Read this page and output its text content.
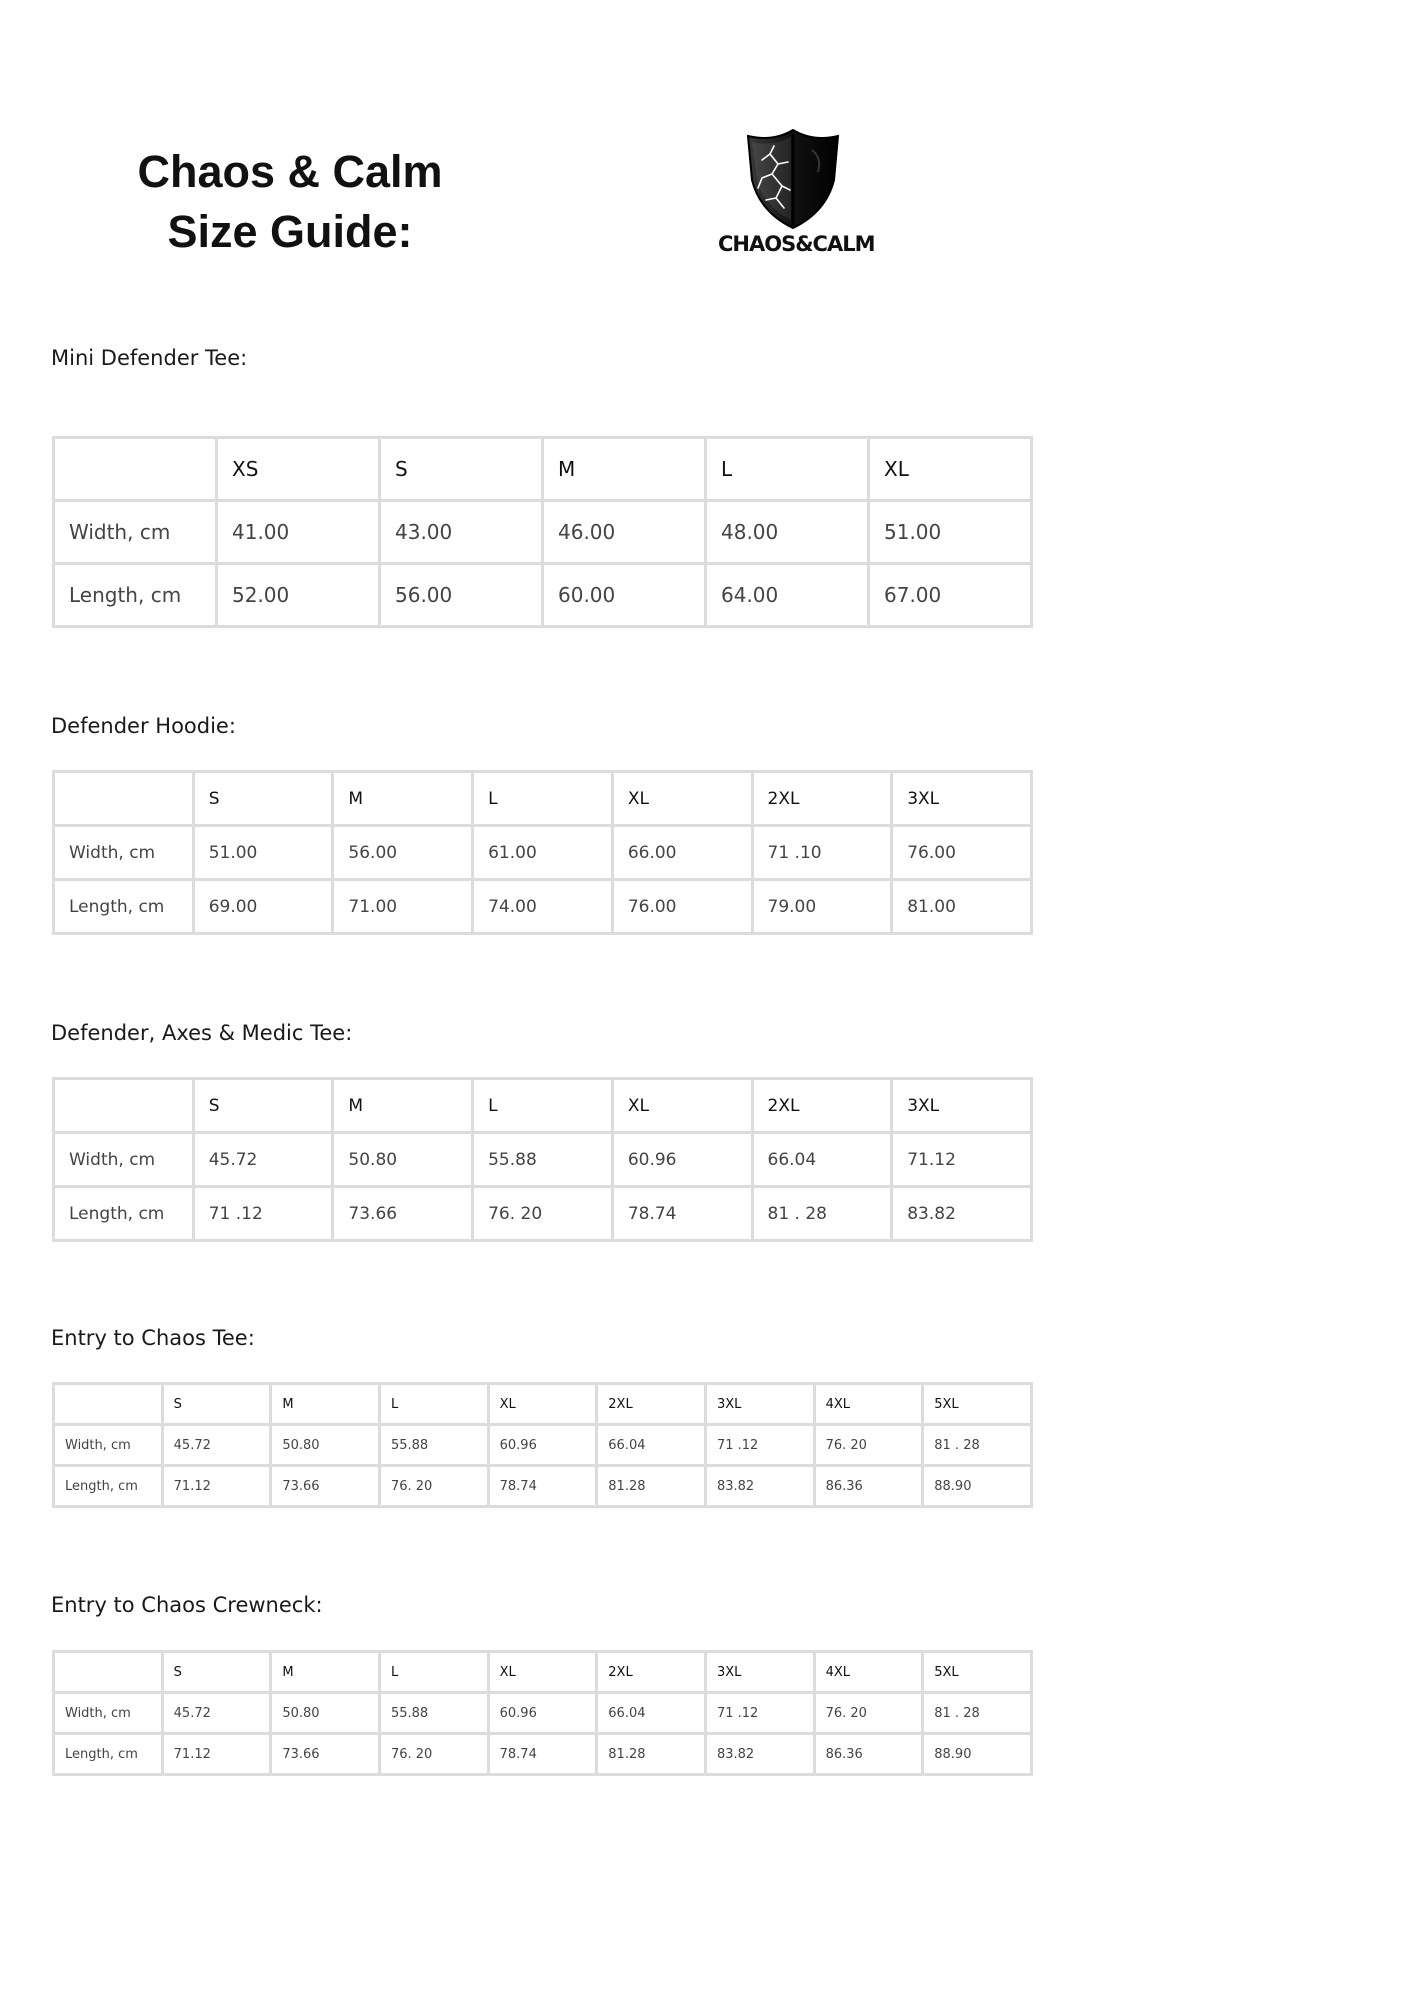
Chaos & Calm Size Guide:	CHAOS&CALM
Mini Defender Tee:
	XS	S	M	L	XL
Width, cm	41.00	43.00	46.00	48.00	51.00
Length, cm	52.00	56.00	60.00	64.00	67.00
Defender Hoodie:
	S	M	L	XL	2XL	3XL
Width, cm	51.00	56.00	61.00	66.00	71 .10	76.00
Length, cm	69.00	71.00	74.00	76.00	79.00	81.00
Defender, Axes & Medic Tee:
	S	M	L	XL	2XL	3XL
Width, cm	45.72	50.80	55.88	60.96	66.04	71.12
Length, cm	71 .12	73.66	76. 20	78.74	81 . 28	83.82
Entry to Chaos Tee:
	S	M	L	XL	2XL	3XL	4XL	5XL
Width, cm	45.72	50.80	55.88	60.96	66.04	71 .12	76. 20	81 . 28
Length, cm	71.12	73.66	76. 20	78.74	81.28	83.82	86.36	88.90
Entry to Chaos Crewneck:
	S	M	L	XL	2XL	3XL	4XL	5XL
Width, cm	45.72	50.80	55.88	60.96	66.04	71 .12	76. 20	81 . 28
Length, cm	71.12	73.66	76. 20	78.74	81.28	83.82	86.36	88.90
